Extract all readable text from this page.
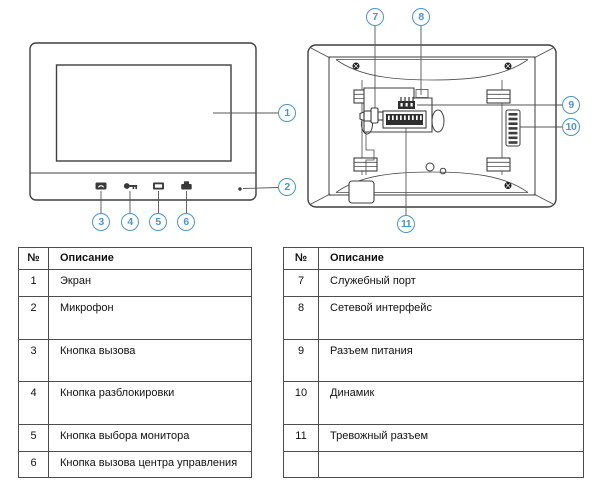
1
2
3	4	5	6
7	8
9
10
11
№	Описание
1	Экран
2	Микрофон
3	Кнопка вызова
4	Кнопка разблокировки
5	Кнопка выбора монитора
6	Кнопка вызова центра управления
№	Описание
7	Служебный порт
8	Сетевой интерфейс
9	Разъем питания
10	Динамик
11	Тревожный разъем
